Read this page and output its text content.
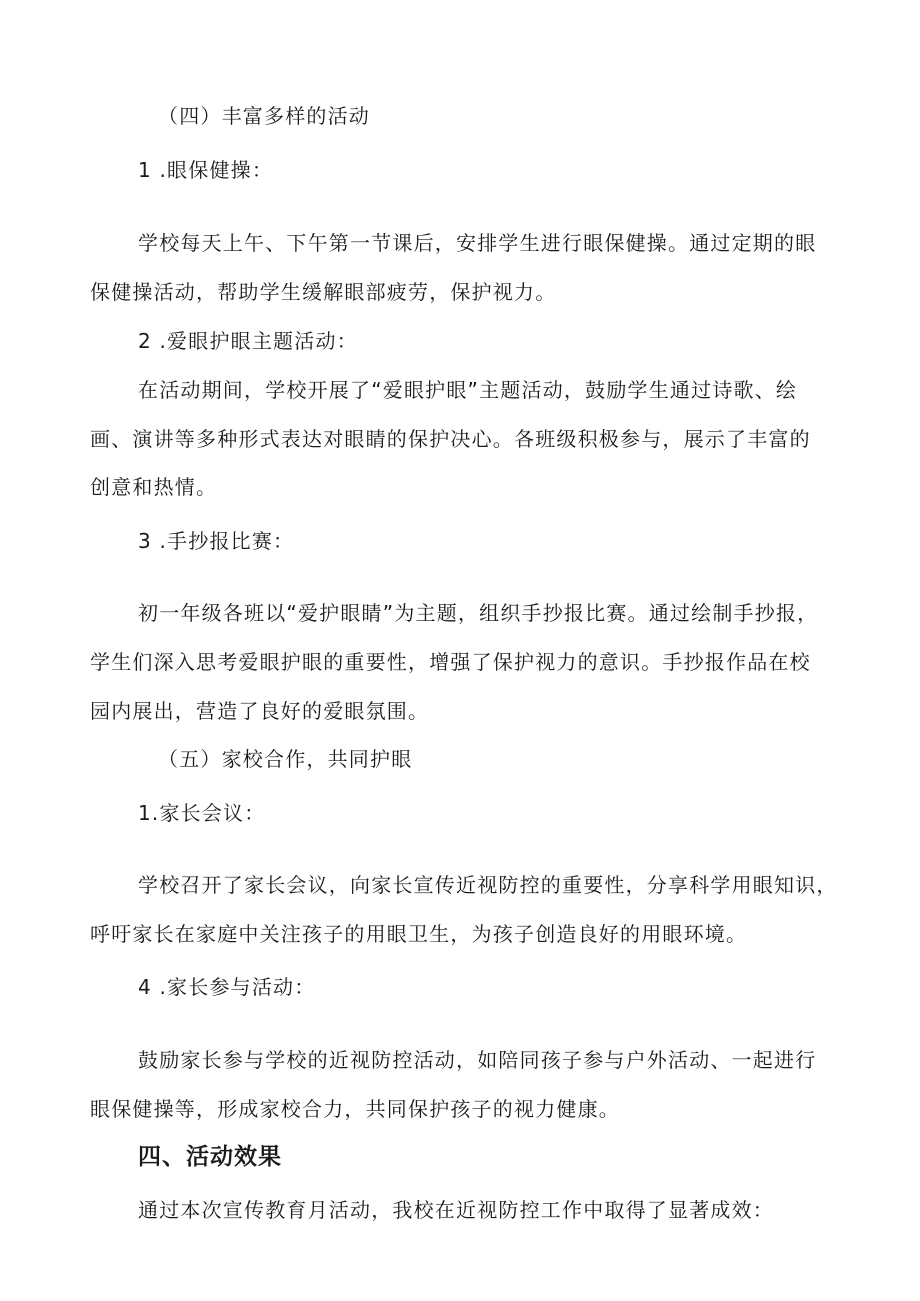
（四）丰富多样的活动
1 .眼保健操：
学校每天上午、下午第一节课后，安排学生进行眼保健操。通过定期的眼
保健操活动，帮助学生缓解眼部疲劳，保护视力。
2 .爱眼护眼主题活动：
在活动期间，学校开展了“爱眼护眼”主题活动，鼓励学生通过诗歌、绘
画、演讲等多种形式表达对眼睛的保护决心。各班级积极参与，展示了丰富的
创意和热情。
3 .手抄报比赛：
初一年级各班以“爱护眼睛”为主题，组织手抄报比赛。通过绘制手抄报，
学生们深入思考爱眼护眼的重要性，增强了保护视力的意识。手抄报作品在校
园内展出，营造了良好的爱眼氛围。
（五）家校合作，共同护眼
1.家长会议：
学校召开了家长会议，向家长宣传近视防控的重要性，分享科学用眼知识，
呼吁家长在家庭中关注孩子的用眼卫生，为孩子创造良好的用眼环境。
4 .家长参与活动：
鼓励家长参与学校的近视防控活动，如陪同孩子参与户外活动、一起进行
眼保健操等，形成家校合力，共同保护孩子的视力健康。
四、活动效果
通过本次宣传教育月活动，我校在近视防控工作中取得了显著成效：
